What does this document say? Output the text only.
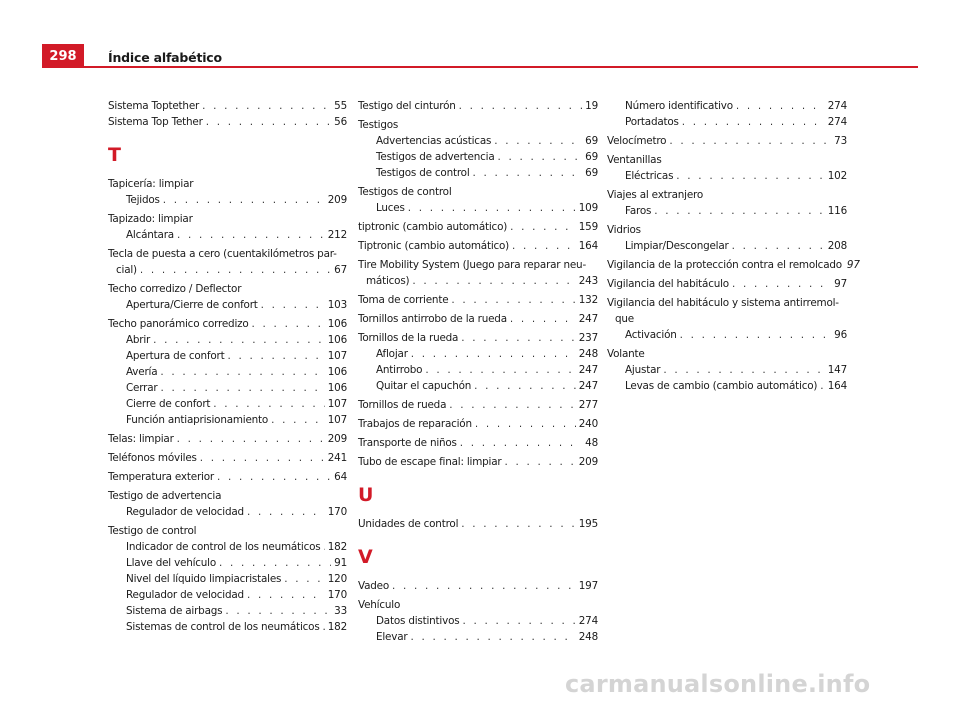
298	Índice alfabético
Sistema Toptether . . .	55
Sistema Top Tether . . .	56
T
Tapicería: limpiar
Tejidos . . .	209
Tapizado: limpiar
Alcántara . . .	212
Tecla de puesta a cero (cuentakilómetros par-
cial) . . .	67
Techo corredizo / Deflector
Apertura/Cierre de confort . . .	103
Techo panorámico corredizo . . .	106
Abrir . . .	106
Apertura de confort . . .	107
Avería . . .	106
Cerrar . . .	106
Cierre de confort . . .	107
Función antiaprisionamiento . . .	107
Telas: limpiar . . .	209
Teléfonos móviles . . .	241
Temperatura exterior . . .	64
Testigo de advertencia
Regulador de velocidad . . .	170
Testigo de control
Indicador de control de los neumáticos . . . 182
Llave del vehículo . . .	91
Nivel del líquido limpiacristales . . .	120
Regulador de velocidad . . .	170
Sistema de airbags . . .	33
Sistemas de control de los neumáticos . . . 182
Testigo del cinturón . . .	19
Testigos
Advertencias acústicas . . .	69
Testigos de advertencia . . .	69
Testigos de control . . .	69
Testigos de control
Luces . . .	109
tiptronic (cambio automático) . . .	159
Tiptronic (cambio automático) . . .	164
Tire Mobility System (Juego para reparar neu-
máticos) . . .	243
Toma de corriente . . .	132
Tornillos antirrobo de la rueda . . .	247
Tornillos de la rueda . . .	237
Aflojar . . .	248
Antirrobo . . .	247
Quitar el capuchón . . .	247
Tornillos de rueda . . .	277
Trabajos de reparación . . .	240
Transporte de niños . . .	48
Tubo de escape final: limpiar . . .	209
U
Unidades de control . . .	195
V
Vadeo . . .	197
Vehículo
Datos distintivos . . .	274
Elevar . . .	248
Número identificativo . . .	274
Portadatos . . .	274
Velocímetro . . .	73
Ventanillas
Eléctricas . . .	102
Viajes al extranjero
Faros . . .	116
Vidrios
Limpiar/Descongelar . . .	208
Vigilancia de la protección contra el remolcado 97
Vigilancia del habitáculo . . .	97
Vigilancia del habitáculo y sistema antirremol-
que
Activación . . .	96
Volante
Ajustar . . .	147
Levas de cambio (cambio automático) . . . 164
carmanualsonline.info
